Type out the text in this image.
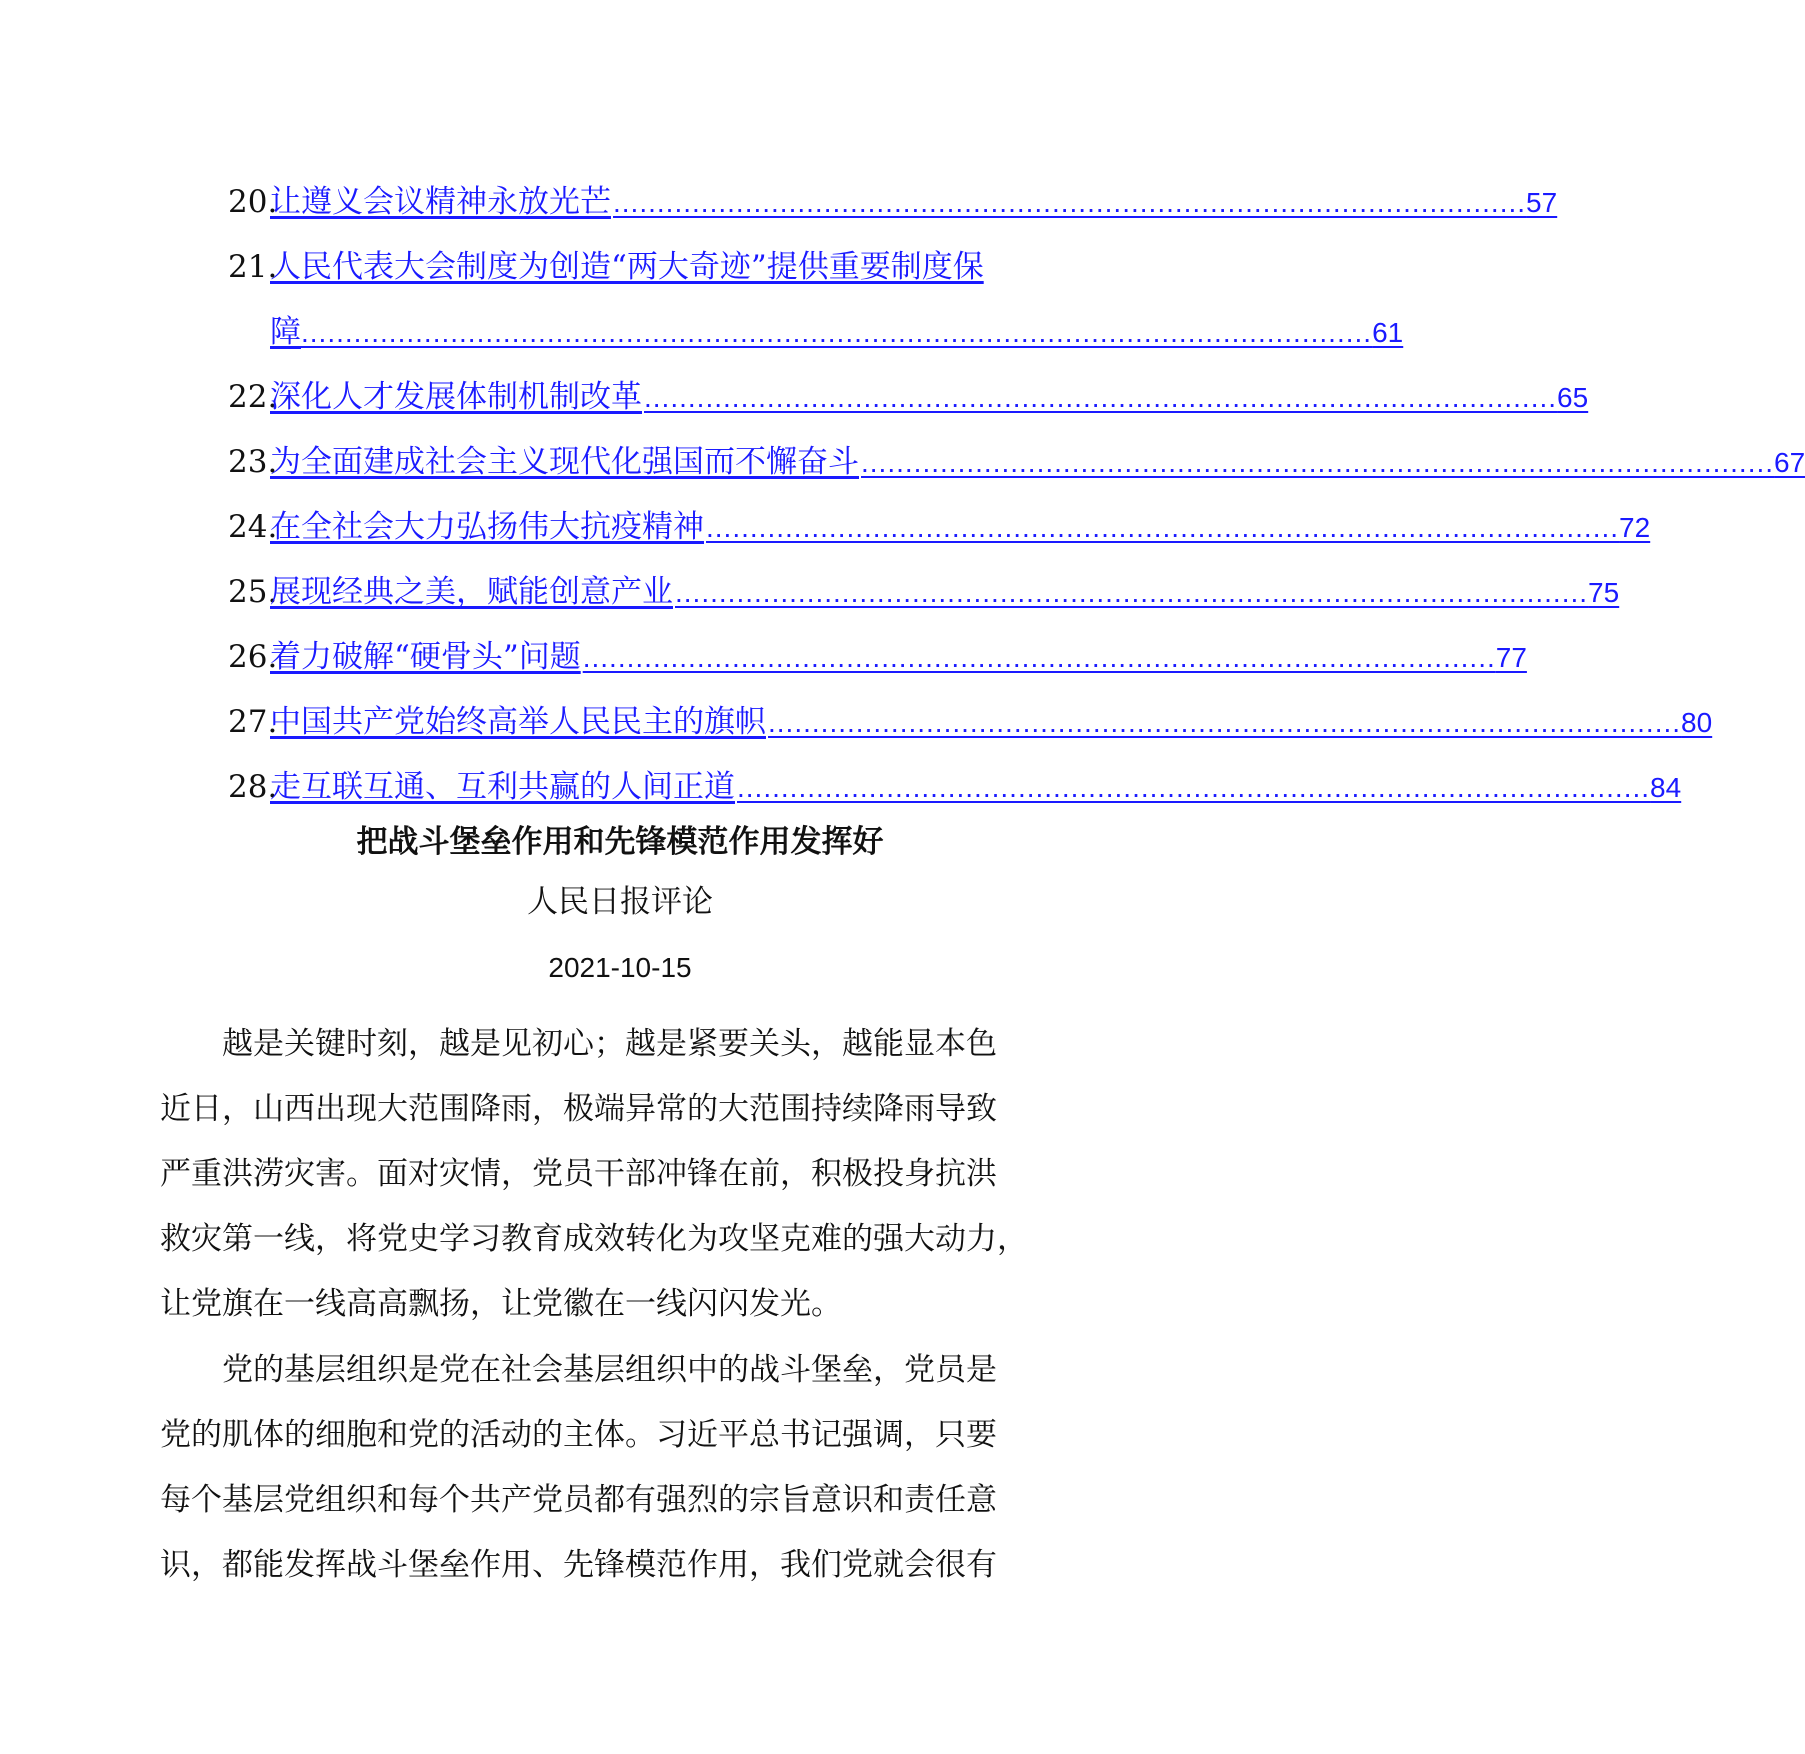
20.
让遵义会议精神永放光芒 ........................................................................................................ 57
21.
人民代表大会制度为创造“两大奇迹”提供重要制度保
障 .......................................................................................................................... 61
22.
深化人才发展体制机制改革 ........................................................................................................ 65
23.
为全面建成社会主义现代化强国而不懈奋斗 ........................................................................................................ 67
24.
在全社会大力弘扬伟大抗疫精神 ........................................................................................................ 72
25.
展现经典之美，赋能创意产业 ........................................................................................................ 75
26.
着力破解“硬骨头”问题 ........................................................................................................ 77
27.
中国共产党始终高举人民民主的旗帜 ........................................................................................................ 80
28.
走互联互通、互利共赢的人间正道 ........................................................................................................ 84
把战斗堡垒作用和先锋模范作用发挥好
人民日报评论
2021-10-15
　　越是关键时刻，越是见初心；越是紧要关头，越能显本色
近日，山西出现大范围降雨，极端异常的大范围持续降雨导致
严重洪涝灾害。面对灾情，党员干部冲锋在前，积极投身抗洪
救灾第一线，将党史学习教育成效转化为攻坚克难的强大动力，
让党旗在一线高高飘扬，让党徽在一线闪闪发光。
　　党的基层组织是党在社会基层组织中的战斗堡垒，党员是
党的肌体的细胞和党的活动的主体。习近平总书记强调，只要
每个基层党组织和每个共产党员都有强烈的宗旨意识和责任意
识，都能发挥战斗堡垒作用、先锋模范作用，我们党就会很有
